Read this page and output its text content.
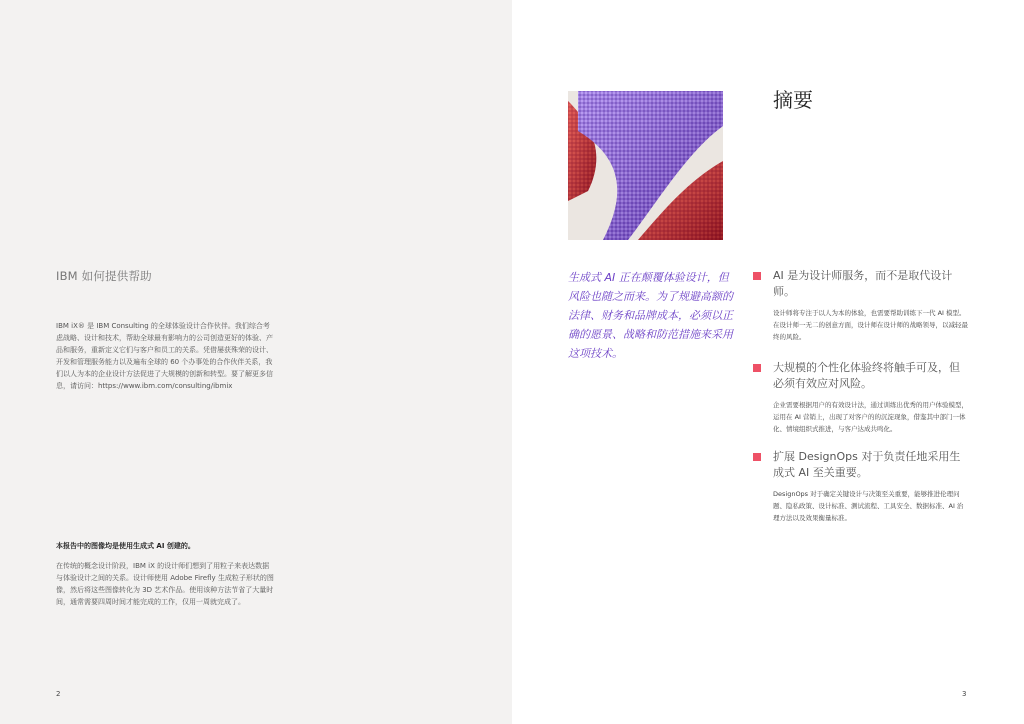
IBM 如何提供帮助
IBM iX® 是 IBM Consulting 的全球体验设计合作伙伴。我们综合考虑战略、设计和技术，帮助全球最有影响力的公司创造更好的体验、产品和服务，重新定义它们与客户和员工的关系。凭借屡获殊荣的设计、开发和管理服务能力以及遍布全球的 60 个办事处的合作伙伴关系，我们以人为本的企业设计方法促进了大规模的创新和转型。要了解更多信息，请访问：https://www.ibm.com/consulting/ibmix
本报告中的图像均是使用生成式 AI 创建的。
在传统的概念设计阶段，IBM iX 的设计师们想到了用粒子来表达数据与体验设计之间的关系。设计师使用 Adobe Firefly 生成粒子形状的图像，然后将这些图像转化为 3D 艺术作品。使用该种方法节省了大量时间，通常需要四周时间才能完成的工作，仅用一周就完成了。
2
摘要
生成式 AI 正在颠覆体验设计，但风险也随之而来。为了规避高额的法律、财务和品牌成本，必须以正确的愿景、战略和防范措施来采用这项技术。
AI 是为设计师服务，而不是取代设计师。
设计师将专注于以人为本的体验，也需要帮助训练下一代 AI 模型。在设计师一无二的创意方面，设计师在设计师的战略领导，以减轻最终的风险。
大规模的个性化体验终将触手可及，但必须有效应对风险。
企业需要根据用户的有效设计法，通过训练出优秀的用户体验模型，运用在 AI 营销上，出现了对客户的的沉淀现象，借鉴其中部门一体化、情境组织式推进，与客户达成共鸣化。
扩展 DesignOps 对于负责任地采用生成式 AI 至关重要。
DesignOps 对于确定关键设计与决策至关重要，能够推进伦理问题、隐私政策、设计标准、测试流程、工具安全、数据标准、AI 治理方法以及效果衡量标准。
3
